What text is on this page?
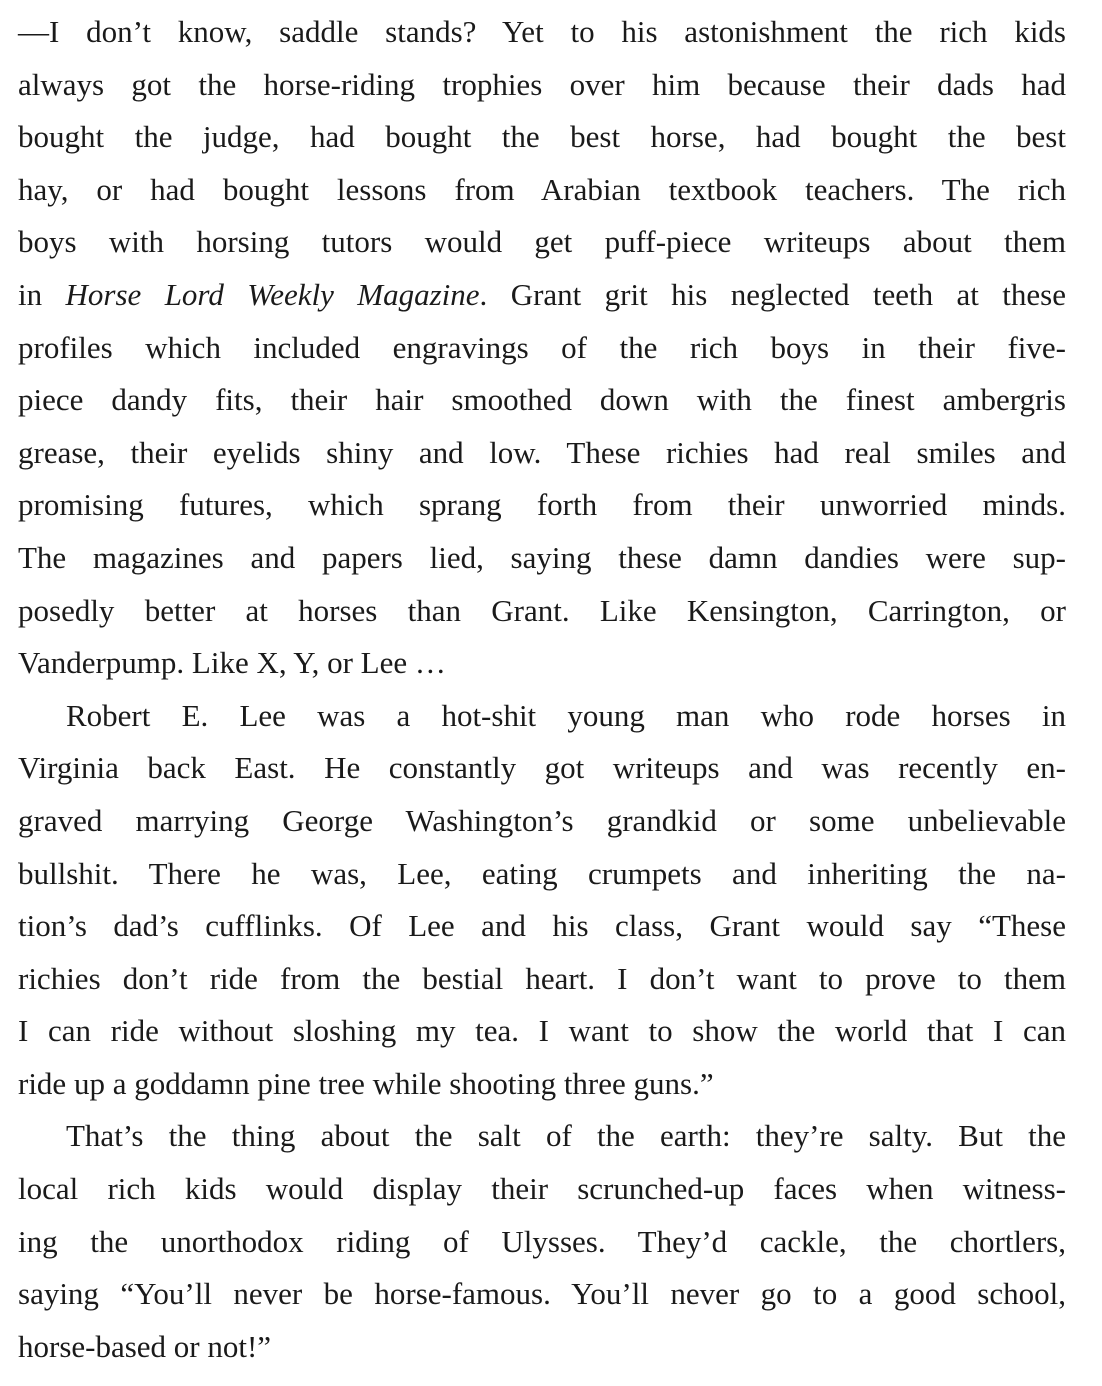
—I don’t know, saddle stands? Yet to his astonishment the rich kids
always got the horse-riding trophies over him because their dads had
bought the judge, had bought the best horse, had bought the best
hay, or had bought lessons from Arabian textbook teachers. The rich
boys with horsing tutors would get puff-piece writeups about them
in Horse Lord Weekly Magazine. Grant grit his neglected teeth at these
profiles which included engravings of the rich boys in their five-
piece dandy fits, their hair smoothed down with the finest ambergris
grease, their eyelids shiny and low. These richies had real smiles and
promising futures, which sprang forth from their unworried minds.
The magazines and papers lied, saying these damn dandies were sup-
posedly better at horses than Grant. Like Kensington, Carrington, or
Vanderpump. Like X, Y, or Lee …
Robert E. Lee was a hot-shit young man who rode horses in
Virginia back East. He constantly got writeups and was recently en-
graved marrying George Washington’s grandkid or some unbelievable
bullshit. There he was, Lee, eating crumpets and inheriting the na-
tion’s dad’s cufflinks. Of Lee and his class, Grant would say “These
richies don’t ride from the bestial heart. I don’t want to prove to them
I can ride without sloshing my tea. I want to show the world that I can
ride up a goddamn pine tree while shooting three guns.”
That’s the thing about the salt of the earth: they’re salty. But the
local rich kids would display their scrunched-up faces when witness-
ing the unorthodox riding of Ulysses. They’d cackle, the chortlers,
saying “You’ll never be horse-famous. You’ll never go to a good school,
horse-based or not!”
